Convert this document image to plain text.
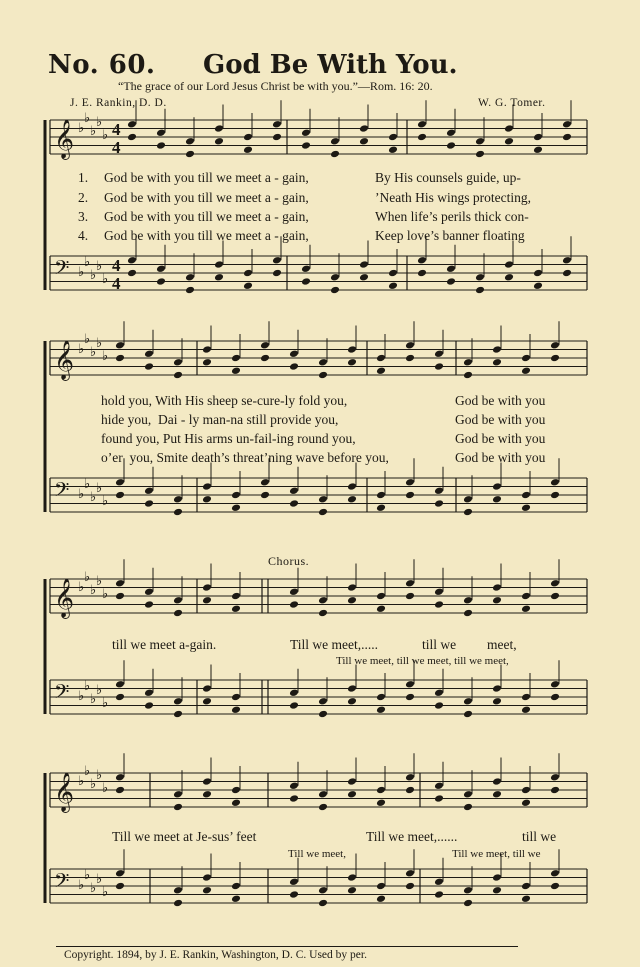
No. 60. God Be With You.
“The grace of our Lord Jesus Christ be with you.”—Rom. 16: 20.
J. E. Rankin, D. D.	W. G. Tomer.
𝄞 ♭
♭
♭
♭
♭ 4
4
𝄢 ♭
♭
♭
♭
♭
4
4
𝄞 ♭
♭
♭
♭
♭
𝄢 ♭
♭
♭
♭
♭
𝄞 ♭
♭
♭
♭
♭
𝄢 ♭
♭
♭
♭
♭
𝄞 ♭
♭
♭
♭
♭
𝄢 ♭
♭
♭
♭
♭
1. God be with you till we meet a - gain,	By His counsels guide, up-
2. God be with you till we meet a - gain,	’Neath His wings protecting,
3. God be with you till we meet a - gain,	When life’s perils thick con-
4. God be with you till we meet a - gain,	Keep love’s banner floating
hold you, With His sheep se-cure-ly fold you,	God be with you
hide you,  Dai - ly man-na still provide you,	God be with you
found you, Put His arms un-fail-ing round you,	God be with you
o’er  you, Smite death’s threat’ning wave before you,	God be with you
Chorus.
till we meet a-gain.	Till we meet,.....	till we meet,
Till we meet, till we meet, till we meet,
Till we meet at Je-sus’ feet	Till we meet,......	till we
Till we meet,	Till we meet, till we
Copyright. 1894, by J. E. Rankin, Washington, D. C. Used by per.
